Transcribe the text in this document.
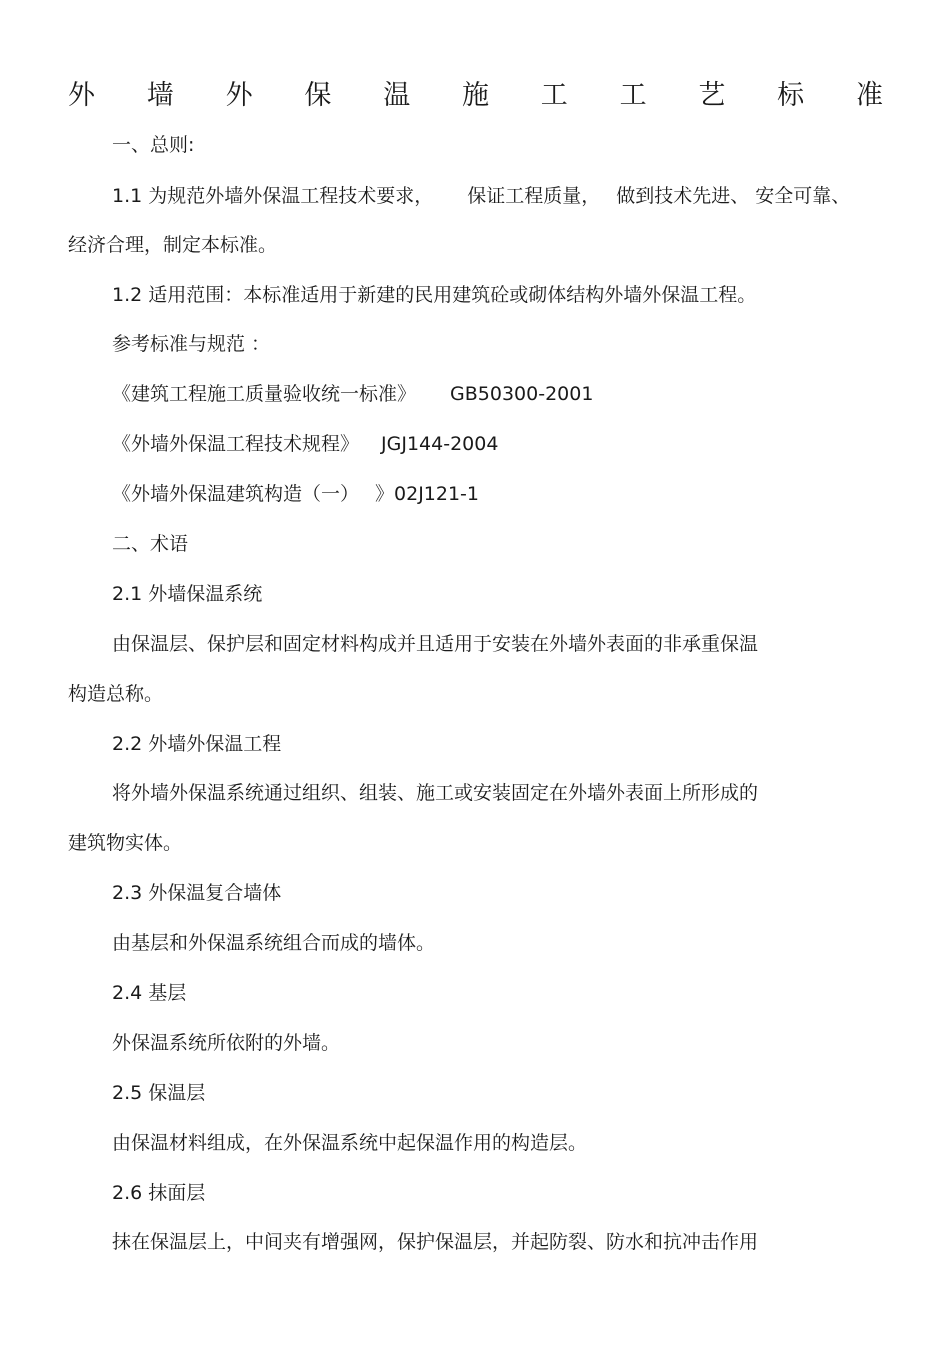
外 墙 外 保 温 施 工 工 艺 标 准

一、总则:

1.1 为规范外墙外保温工程技术要求， 保证工程质量， 做到技术先进、 安全可靠、

经济合理，制定本标准。

1.2 适用范围：本标准适用于新建的民用建筑砼或砌体结构外墙外保温工程。

参考标准与规范 ：

《建筑工程施工质量验收统一标准》 GB50300-2001

《外墙外保温工程技术规程》 JGJ144-2004

《外墙外保温建筑构造（一） 》02J121-1

二、术语

2.1 外墙保温系统

由保温层、保护层和固定材料构成并且适用于安装在外墙外表面的非承重保温

构造总称。

2.2 外墙外保温工程

将外墙外保温系统通过组织、组装、施工或安装固定在外墙外表面上所形成的

建筑物实体。

2.3 外保温复合墙体

由基层和外保温系统组合而成的墙体。

2.4 基层

外保温系统所依附的外墙。

2.5 保温层

由保温材料组成，在外保温系统中起保温作用的构造层。

2.6 抹面层

抹在保温层上，中间夹有增强网，保护保温层，并起防裂、防水和抗冲击作用
